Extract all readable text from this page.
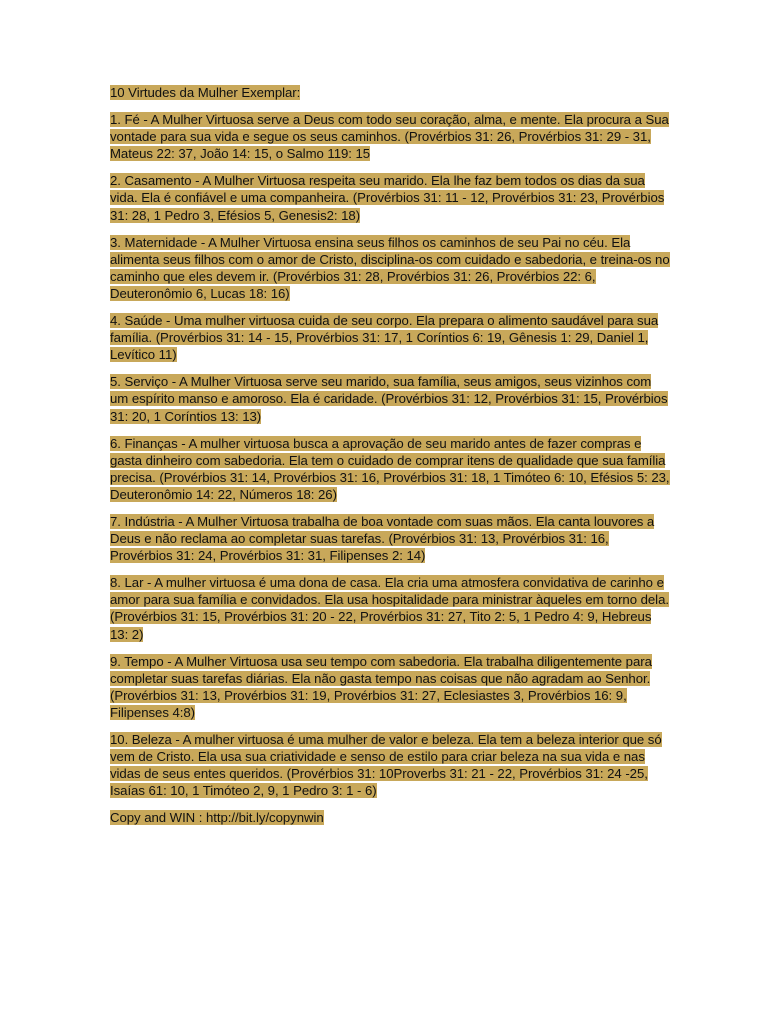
10 Virtudes da Mulher Exemplar:

1. Fé - A Mulher Virtuosa serve a Deus com todo seu coração, alma, e mente. Ela procura a Sua vontade para sua vida e segue os seus caminhos. (Provérbios 31: 26, Provérbios 31: 29 - 31, Mateus 22: 37, João 14: 15, o Salmo 119: 15

2. Casamento - A Mulher Virtuosa respeita seu marido. Ela lhe faz bem todos os dias da sua vida. Ela é confiável e uma companheira. (Provérbios 31: 11 - 12, Provérbios 31: 23, Provérbios 31: 28, 1 Pedro 3, Efésios 5, Genesis2: 18)

3. Maternidade - A Mulher Virtuosa ensina seus filhos os caminhos de seu Pai no céu. Ela alimenta seus filhos com o amor de Cristo, disciplina-os com cuidado e sabedoria, e treina-os no caminho que eles devem ir. (Provérbios 31: 28, Provérbios 31: 26, Provérbios 22: 6, Deuteronômio 6, Lucas 18: 16)

4. Saúde - Uma mulher virtuosa cuida de seu corpo. Ela prepara o alimento saudável para sua família. (Provérbios 31: 14 - 15, Provérbios 31: 17, 1 Coríntios 6: 19, Gênesis 1: 29, Daniel 1, Levítico 11)

5. Serviço - A Mulher Virtuosa serve seu marido, sua família, seus amigos, seus vizinhos com um espírito manso e amoroso. Ela é caridade. (Provérbios 31: 12, Provérbios 31: 15, Provérbios 31: 20, 1 Coríntios 13: 13)

6. Finanças - A mulher virtuosa busca a aprovação de seu marido antes de fazer compras e gasta dinheiro com sabedoria. Ela tem o cuidado de comprar itens de qualidade que sua família precisa. (Provérbios 31: 14, Provérbios 31: 16, Provérbios 31: 18, 1 Timóteo 6: 10, Efésios 5: 23, Deuteronômio 14: 22, Números 18: 26)

7. Indústria - A Mulher Virtuosa trabalha de boa vontade com suas mãos. Ela canta louvores a Deus e não reclama ao completar suas tarefas. (Provérbios 31: 13, Provérbios 31: 16, Provérbios 31: 24, Provérbios 31: 31, Filipenses 2: 14)

8. Lar - A mulher virtuosa é uma dona de casa. Ela cria uma atmosfera convidativa de carinho e amor para sua família e convidados. Ela usa hospitalidade para ministrar àqueles em torno dela. (Provérbios 31: 15, Provérbios 31: 20 - 22, Provérbios 31: 27, Tito 2: 5, 1 Pedro 4: 9, Hebreus 13: 2)

9. Tempo - A Mulher Virtuosa usa seu tempo com sabedoria. Ela trabalha diligentemente para completar suas tarefas diárias. Ela não gasta tempo nas coisas que não agradam ao Senhor. (Provérbios 31: 13, Provérbios 31: 19, Provérbios 31: 27, Eclesiastes 3, Provérbios 16: 9, Filipenses 4:8)

10. Beleza - A mulher virtuosa é uma mulher de valor e beleza. Ela tem a beleza interior que só vem de Cristo. Ela usa sua criatividade e senso de estilo para criar beleza na sua vida e nas vidas de seus entes queridos. (Provérbios 31: 10Proverbs 31: 21 - 22, Provérbios 31: 24 -25, Isaías 61: 10, 1 Timóteo 2, 9, 1 Pedro 3: 1 - 6)

Copy and WIN : http://bit.ly/copynwin
